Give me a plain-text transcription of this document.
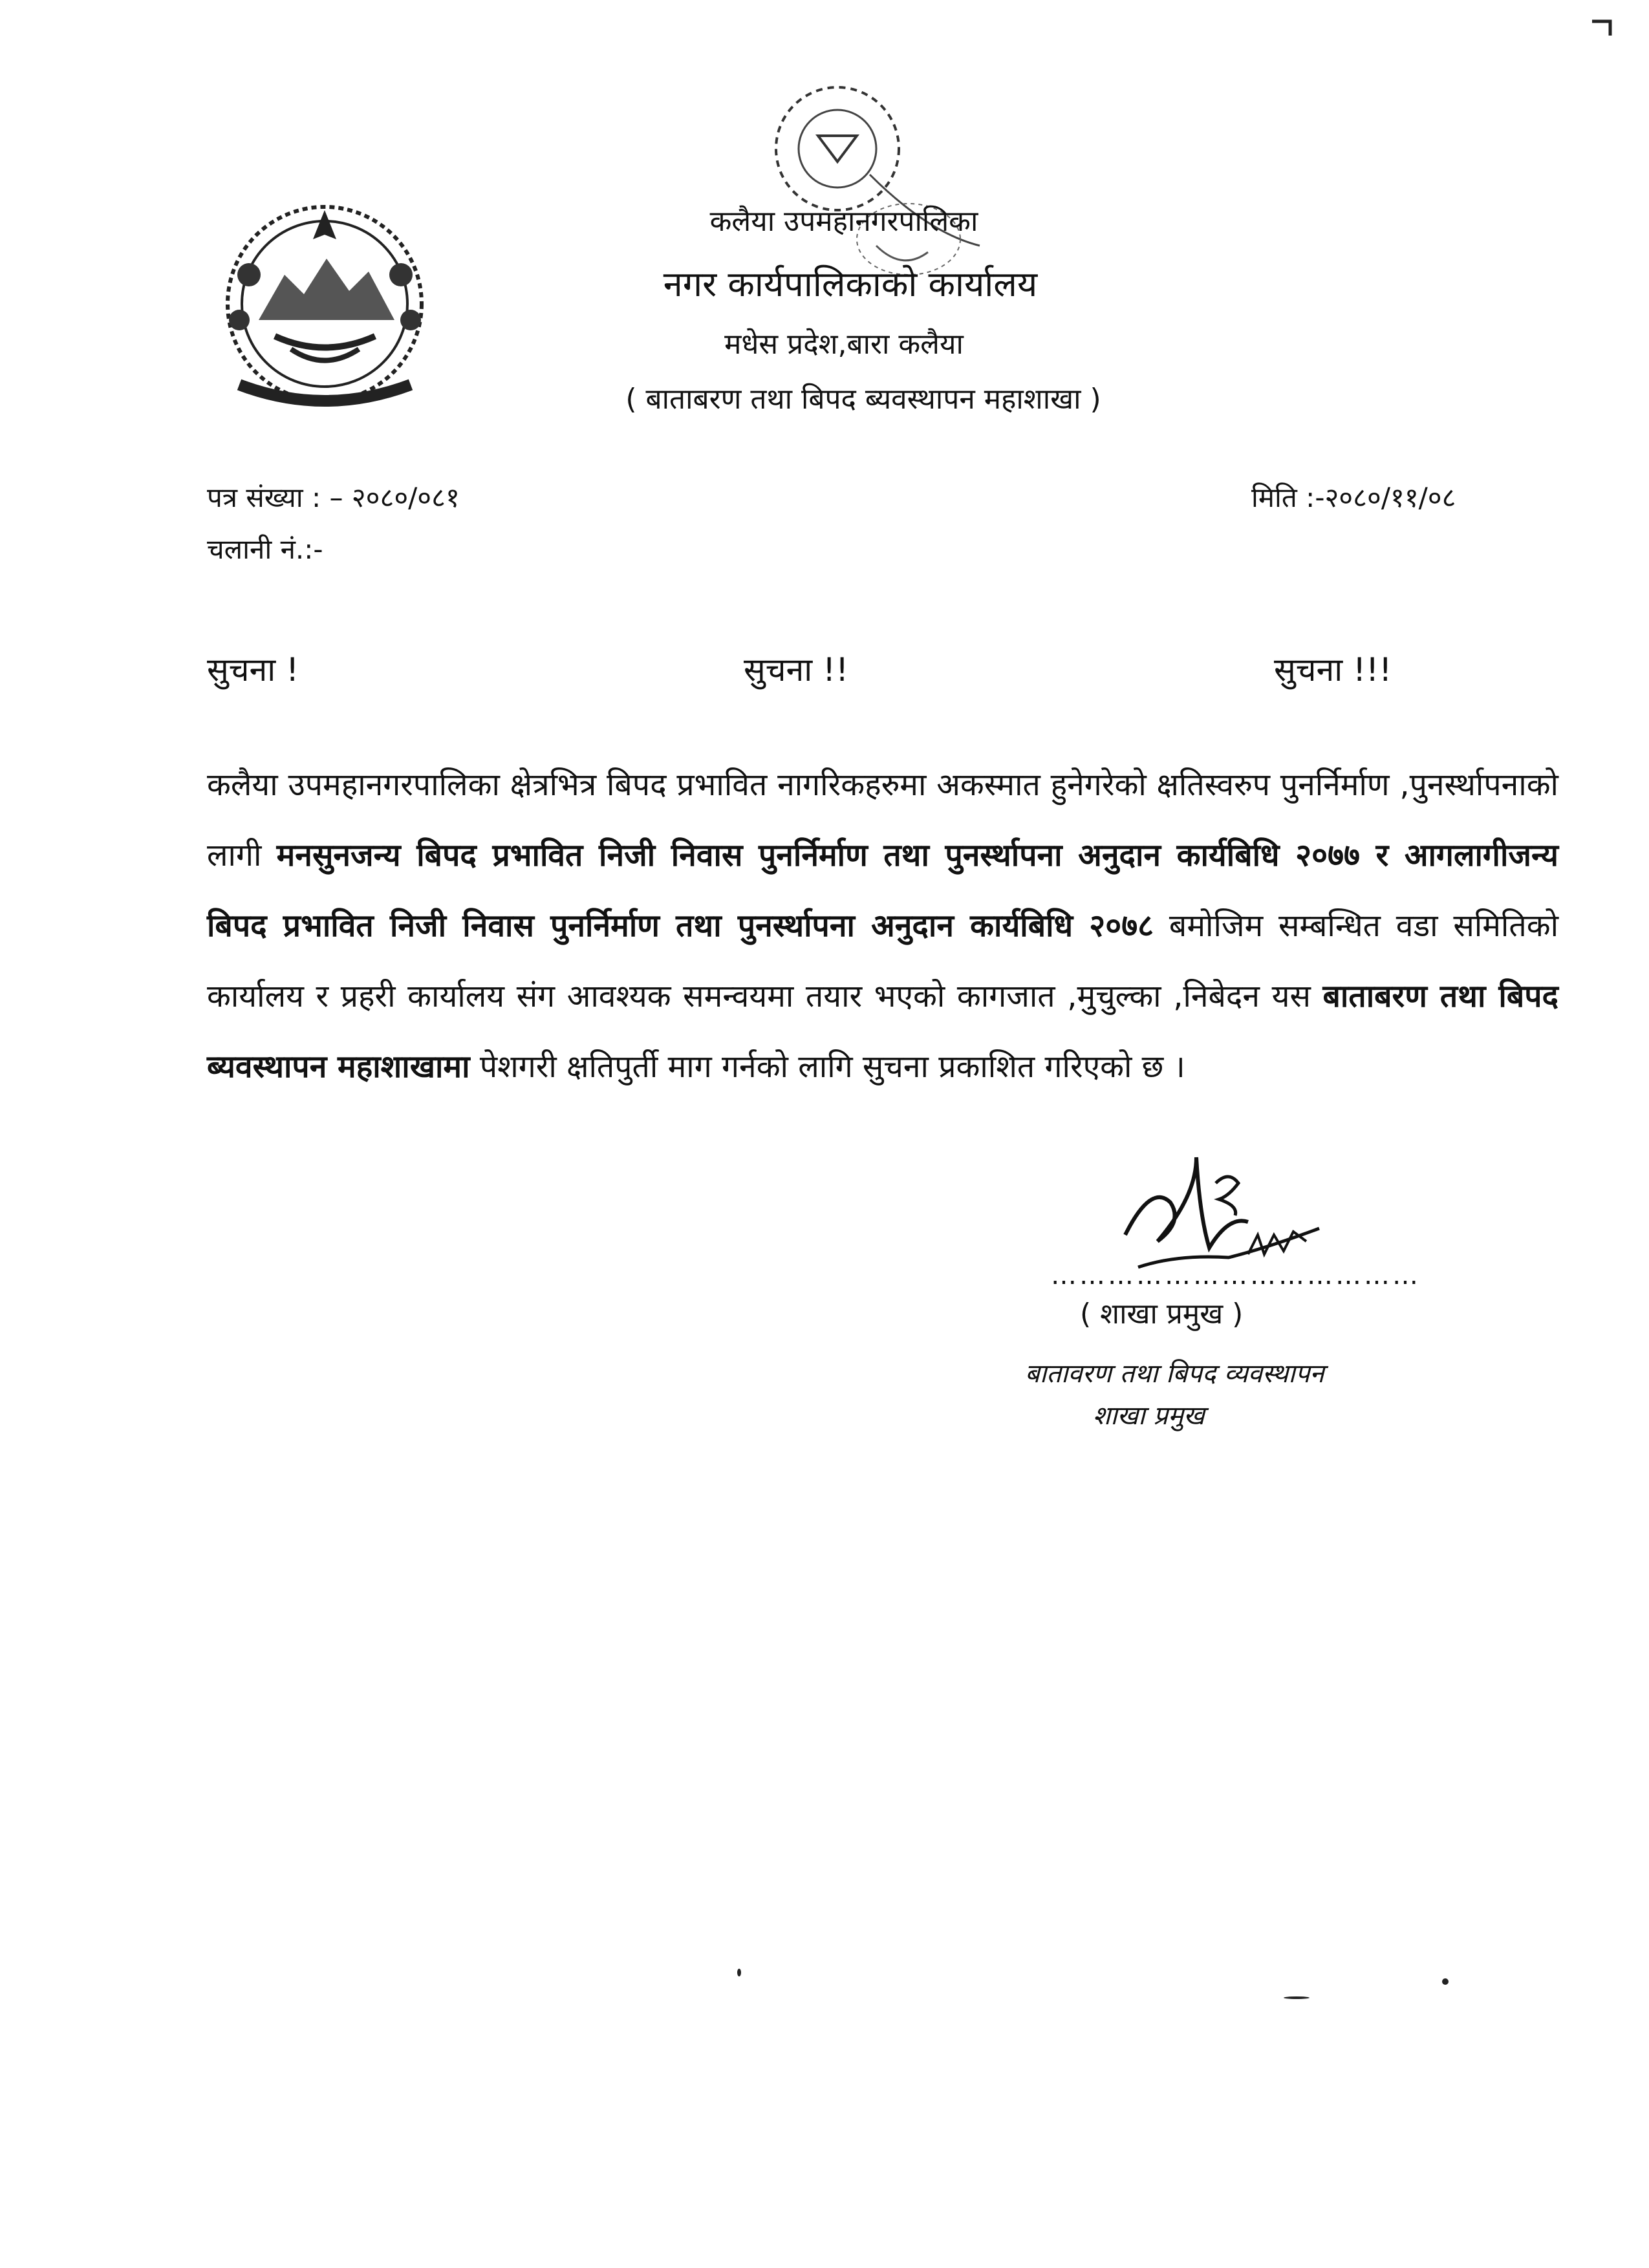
कलैया उपमहानगरपालिका
नगर कार्यपालिकाको कार्यालय
मधेस प्रदेश,बारा कलैया
( बाताबरण तथा बिपद ब्यवस्थापन महाशाखा )
पत्र संख्या : – २०८०/०८१
चलानी नं.:-
मिति :-२०८०/११/०८
सुचना !	सुचना !!	सुचना !!!

कलैया उपमहानगरपालिका क्षेत्रभित्र बिपद प्रभावित नागरिकहरुमा अकस्मात हुनेगरेको क्षतिस्वरुप पुनर्निर्माण ,पुनर्स्थापनाको लागी मनसुनजन्य बिपद प्रभावित निजी निवास पुनर्निर्माण तथा पुनर्स्थापना अनुदान कार्यबिधि २०७७ र आगलागीजन्य बिपद प्रभावित निजी निवास पुनर्निर्माण तथा पुनर्स्थापना अनुदान कार्यबिधि २०७८ बमोजिम सम्बन्धित वडा समितिको कार्यालय र प्रहरी कार्यालय संग आवश्यक समन्वयमा तयार भएको कागजात ,मुचुल्का ,निबेदन यस बाताबरण तथा बिपद ब्यवस्थापन महाशाखामा पेशगरी क्षतिपुर्ती माग गर्नको लागि सुचना प्रकाशित गरिएको छ ।

…………………………………
( शाखा प्रमुख )
बातावरण तथा बिपद व्यवस्थापन
शाखा प्रमुख
